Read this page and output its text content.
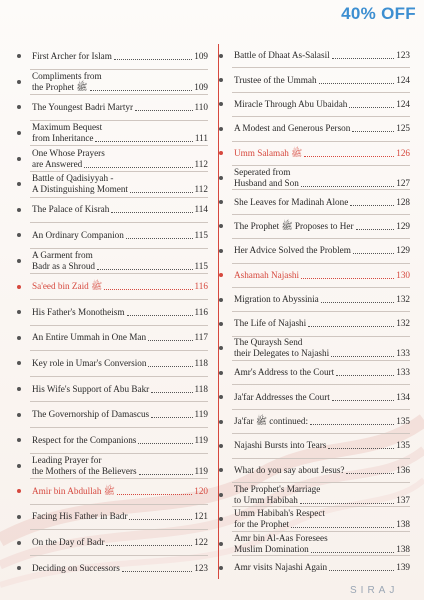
40% OFF
First Archer for Islam	109
Compliments from
the Prophet ﷺ	109
The Youngest Badri Martyr	110
Maximum Bequest
from Inheritance	111
One Whose Prayers
are Answered	112
Battle of Qadisiyyah -
A Distinguishing Moment	112
The Palace of Kisrah	114
An Ordinary Companion	115
A Garment from
Badr as a Shroud	115
Sa'eed bin Zaid ﷺ	116
His Father's Monotheism	116
An Entire Ummah in One Man	117
Key role in Umar's Conversion	118
His Wife's Support of Abu Bakr	118
The Governorship of Damascus	119
Respect for the Companions	119
Leading Prayer for
the Mothers of the Believers	119
Amir bin Abdullah ﷺ	120
Facing His Father in Badr	121
On the Day of Badr	122
Deciding on Successors	123
Battle of Dhaat As-Salasil	123
Trustee of the Ummah	124
Miracle Through Abu Ubaidah	124
A Modest and Generous Person	125
Umm Salamah ﷺ	126
Seperated from
Husband and Son	127
She Leaves for Madinah Alone	128
The Prophet ﷺ Proposes to Her	129
Her Advice Solved the Problem	129
Ashamah Najashi	130
Migration to Abyssinia	132
The Life of Najashi	132
The Quraysh Send
their Delegates to Najashi	133
Amr's Address to the Court	133
Ja'far Addresses the Court	134
Ja'far ﷺ continued:	135
Najashi Bursts into Tears	135
What do you say about Jesus?	136
The Prophet's Marriage
to Umm Habibah	137
Umm Habibah's Respect
for the Prophet	138
Amr bin Al-Aas Foresees
Muslim Domination	138
Amr visits Najashi Again	139
SIRAJ
